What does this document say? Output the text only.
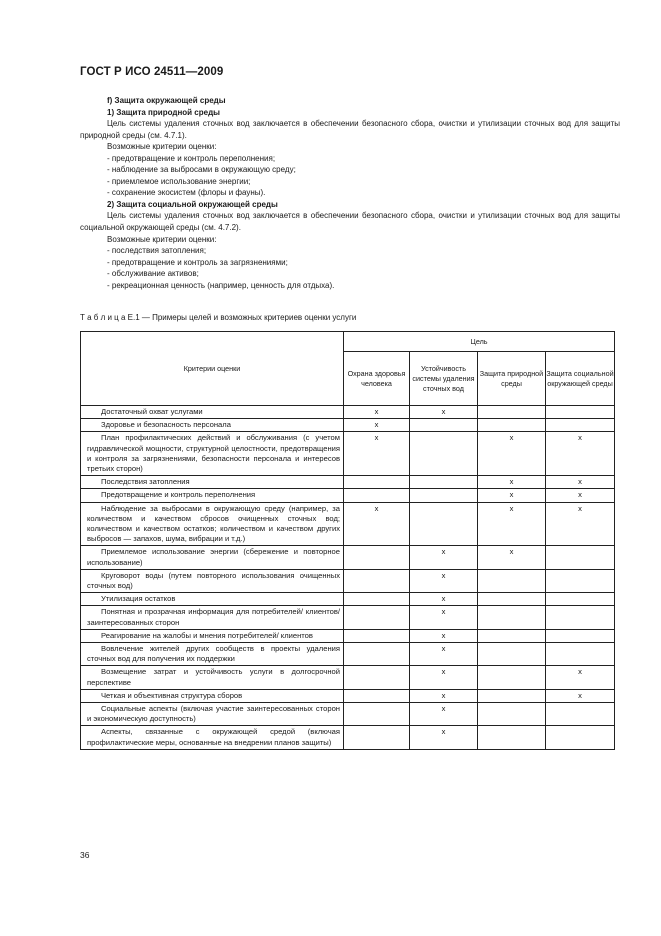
ГОСТ Р ИСО 24511—2009

f) Защита окружающей среды

1) Защита природной среды

Цель системы удаления сточных вод заключается в обеспечении безопасного сбора, очистки и утилизации сточных вод для защиты природной среды (см. 4.7.1).

Возможные критерии оценки:

- предотвращение и контроль переполнения;

- наблюдение за выбросами в окружающую среду;

- приемлемое использование энергии;

- сохранение экосистем (флоры и фауны).

2) Защита социальной окружающей среды

Цель системы удаления сточных вод заключается в обеспечении безопасного сбора, очистки и утилизации сточных вод для защиты социальной окружающей среды (см. 4.7.2).

Возможные критерии оценки:

- последствия затопления;

- предотвращение и контроль за загрязнениями;

- обслуживание активов;

- рекреационная ценность (например, ценность для отдыха).

Т а б л и ц а Е.1 — Примеры целей и возможных критериев оценки услуги
Критерии оценки	Цель			
	Охрана здоровья человека	Устойчивость системы удаления сточных вод	Защита природной среды	Защита социальной окружающей среды

Достаточный охват услугами	x	x		

Здоровье и безопасность персонала	x			

План профилактических действий и обслуживания (с учетом гидравлической мощности, структурной целостности, предотвращения и контроля за загрязнениями, безопасности персонала и интересов третьих сторон)	x		x	x

Последствия затопления			x	x

Предотвращение и контроль переполнения			x	x

Наблюдение за выбросами в окружающую среду (например, за количеством и качеством сбросов очищенных сточных вод; количеством и качеством остатков; количеством и качеством других выбросов — запахов, шума, вибрации и т.д.)	x		x	x

Приемлемое использование энергии (сбережение и повторное использование)		x	x	

Круговорот воды (путем повторного использования очищенных сточных вод)		x		

Утилизация остатков		x		

Понятная и прозрачная информация для потребителей/ клиентов/заинтересованных сторон		x		

Реагирование на жалобы и мнения потребителей/ клиентов		x		

Вовлечение жителей других сообществ в проекты удаления сточных вод для получения их поддержки		x		

Возмещение затрат и устойчивость услуги в долгосрочной перспективе		x		x

Четкая и объективная структура сборов		x		x

Социальные аспекты (включая участие заинтересованных сторон и экономическую доступность)		x		

Аспекты, связанные с окружающей средой (включая профилактические меры, основанные на внедрении планов защиты)		x		
36
